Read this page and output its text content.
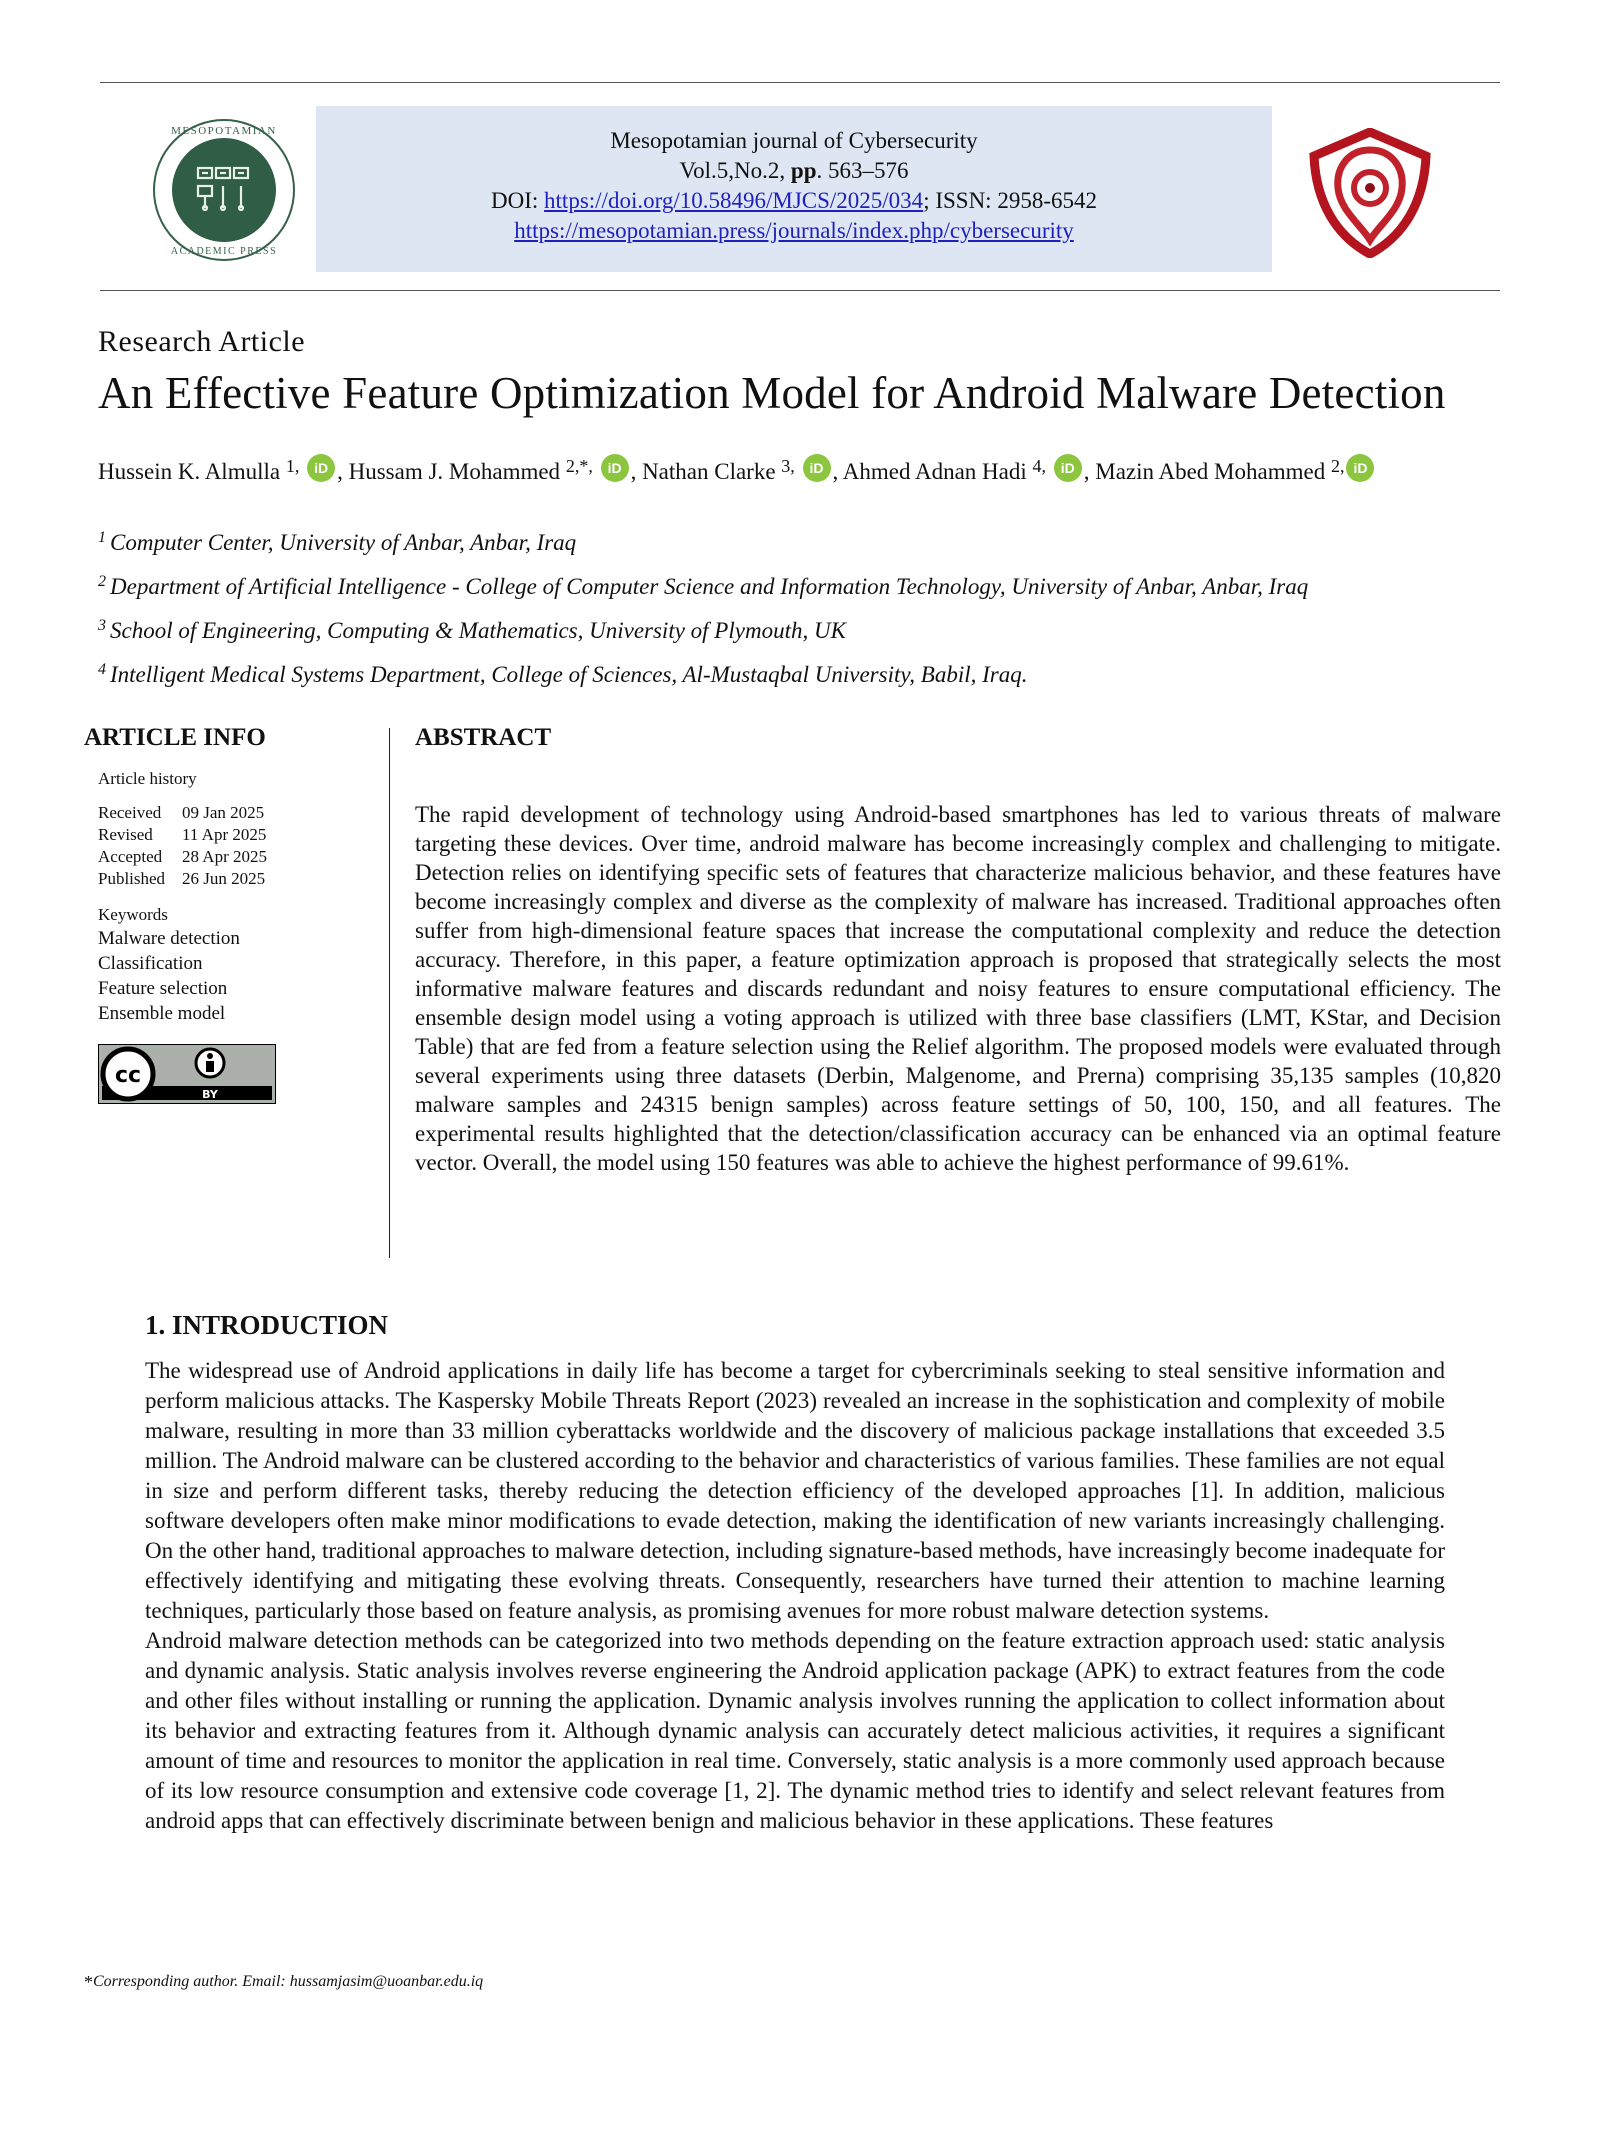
MESOPOTAMIAN
ACADEMIC PRESS
Mesopotamian journal of Cybersecurity
Vol.5,No.2, pp. 563–576
DOI: https://doi.org/10.58496/MJCS/2025/034; ISSN: 2958-6542
https://mesopotamian.press/journals/index.php/cybersecurity
Research Article
An Effective Feature Optimization Model for Android Malware Detection
Hussein K. Almulla $^{1,}$ iD , Hussam J. Mohammed $^{2,*,}$ iD , Nathan Clarke $^{3,}$ iD , Ahmed Adnan Hadi $^{4,}$ iD , Mazin Abed Mohammed $^{2,}$ iD
$^1$ Computer Center, University of Anbar, Anbar, Iraq
$^2$ Department of Artificial Intelligence - College of Computer Science and Information Technology, University of Anbar, Anbar, Iraq
$^3$ School of Engineering, Computing & Mathematics, University of Plymouth, UK
$^4$ Intelligent Medical Systems Department, College of Sciences, Al-Mustaqbal University, Babil, Iraq.
ARTICLE INFO
Article history
Received 09 Jan 2025
Revised 11 Apr 2025
Accepted 28 Apr 2025
Published 26 Jun 2025
Keywords
Malware detection
Classification
Feature selection
Ensemble model
cc
BY
ABSTRACT
The rapid development of technology using Android-based smartphones has led to various threats of malware targeting these devices. Over time, android malware has become increasingly complex and challenging to mitigate. Detection relies on identifying specific sets of features that characterize malicious behavior, and these features have become increasingly complex and diverse as the complexity of malware has increased. Traditional approaches often suffer from high-dimensional feature spaces that increase the computational complexity and reduce the detection accuracy. Therefore, in this paper, a feature optimization approach is proposed that strategically selects the most informative malware features and discards redundant and noisy features to ensure computational efficiency. The ensemble design model using a voting approach is utilized with three base classifiers (LMT, KStar, and Decision Table) that are fed from a feature selection using the Relief algorithm. The proposed models were evaluated through several experiments using three datasets (Derbin, Malgenome, and Prerna) comprising 35,135 samples (10,820 malware samples and 24315 benign samples) across feature settings of 50, 100, 150, and all features. The experimental results highlighted that the detection/classification accuracy can be enhanced via an optimal feature vector. Overall, the model using 150 features was able to achieve the highest performance of 99.61%.
1. INTRODUCTION

The widespread use of Android applications in daily life has become a target for cybercriminals seeking to steal sensitive information and perform malicious attacks. The Kaspersky Mobile Threats Report (2023) revealed an increase in the sophistication and complexity of mobile malware, resulting in more than 33 million cyberattacks worldwide and the discovery of malicious package installations that exceeded 3.5 million. The Android malware can be clustered according to the behavior and characteristics of various families. These families are not equal in size and perform different tasks, thereby reducing the detection efficiency of the developed approaches [1]. In addition, malicious software developers often make minor modifications to evade detection, making the identification of new variants increasingly challenging. On the other hand, traditional approaches to malware detection, including signature-based methods, have increasingly become inadequate for effectively identifying and mitigating these evolving threats. Consequently, researchers have turned their attention to machine learning techniques, particularly those based on feature analysis, as promising avenues for more robust malware detection systems.

Android malware detection methods can be categorized into two methods depending on the feature extraction approach used: static analysis and dynamic analysis. Static analysis involves reverse engineering the Android application package (APK) to extract features from the code and other files without installing or running the application. Dynamic analysis involves running the application to collect information about its behavior and extracting features from it. Although dynamic analysis can accurately detect malicious activities, it requires a significant amount of time and resources to monitor the application in real time. Conversely, static analysis is a more commonly used approach because of its low resource consumption and extensive code coverage [1, 2]. The dynamic method tries to identify and select relevant features from android apps that can effectively discriminate between benign and malicious behavior in these applications. These features

*Corresponding author. Email: hussamjasim@uoanbar.edu.iq
